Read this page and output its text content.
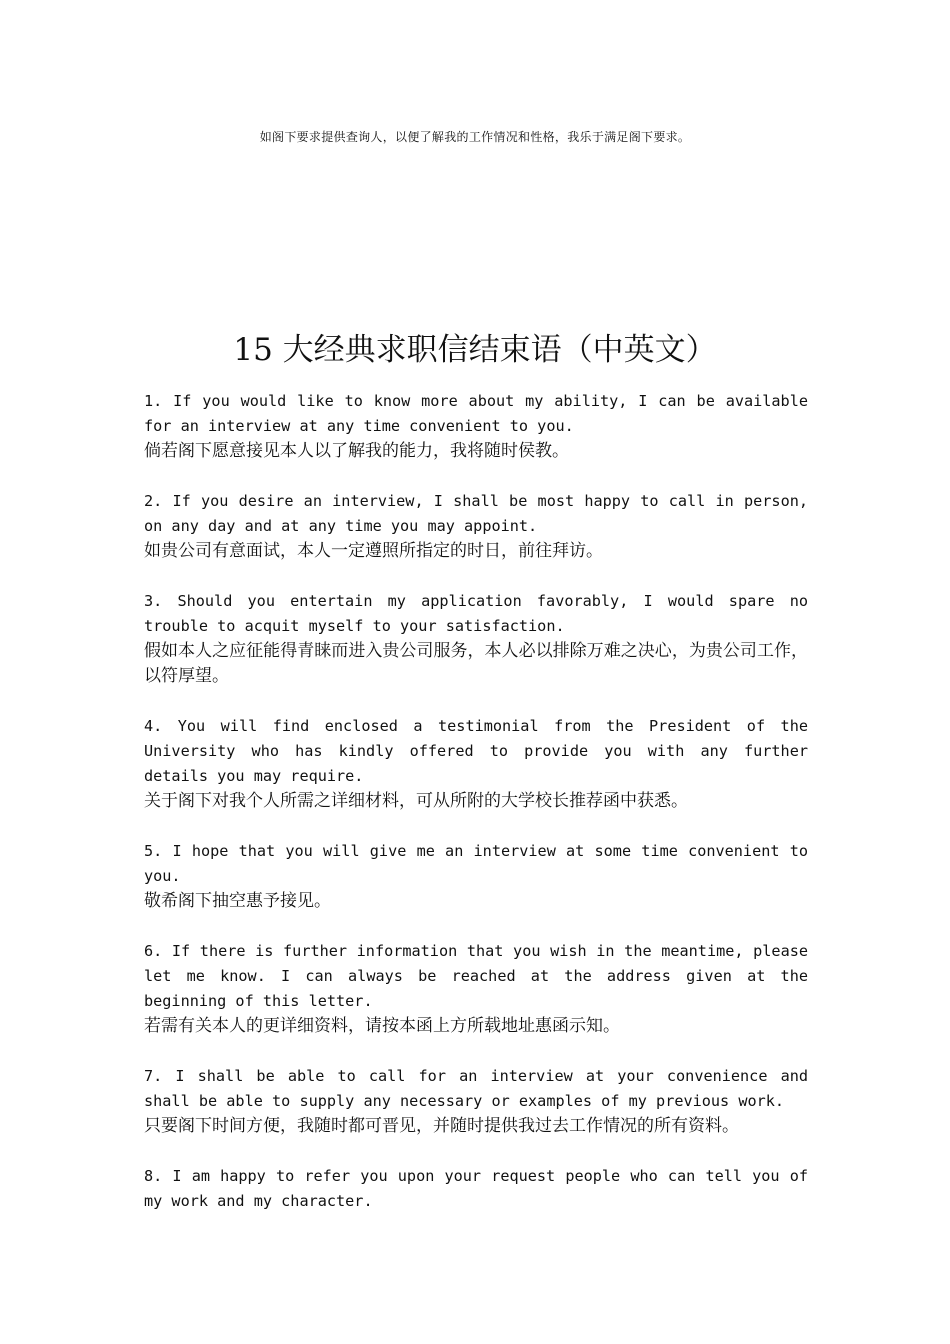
如阁下要求提供查询人，以便了解我的工作情况和性格，我乐于满足阁下要求。
15 大经典求职信结束语（中英文）
1. If you would like to know more about my ability, I can be available for an interview at any time convenient to you.
倘若阁下愿意接见本人以了解我的能力，我将随时侯教。
2. If you desire an interview, I shall be most happy to call in person, on any day and at any time you may appoint.
如贵公司有意面试，本人一定遵照所指定的时日，前往拜访。
3. Should you entertain my application favorably, I would spare no trouble to acquit myself to your satisfaction.
假如本人之应征能得青睐而进入贵公司服务，本人必以排除万难之决心，为贵公司工作，以符厚望。
4. You will find enclosed a testimonial from the President of the University who has kindly offered to provide you with any further details you may require.
关于阁下对我个人所需之详细材料，可从所附的大学校长推荐函中获悉。
5. I hope that you will give me an interview at some time convenient to you.
敬希阁下抽空惠予接见。
6. If there is further information that you wish in the meantime, please let me know. I can always be reached at the address given at the beginning of this letter.
若需有关本人的更详细资料，请按本函上方所载地址惠函示知。
7. I shall be able to call for an interview at your convenience and shall be able to supply any necessary or examples of my previous work.
只要阁下时间方便，我随时都可晋见，并随时提供我过去工作情况的所有资料。
8. I am happy to refer you upon your request people who can tell you of my work and my character.
